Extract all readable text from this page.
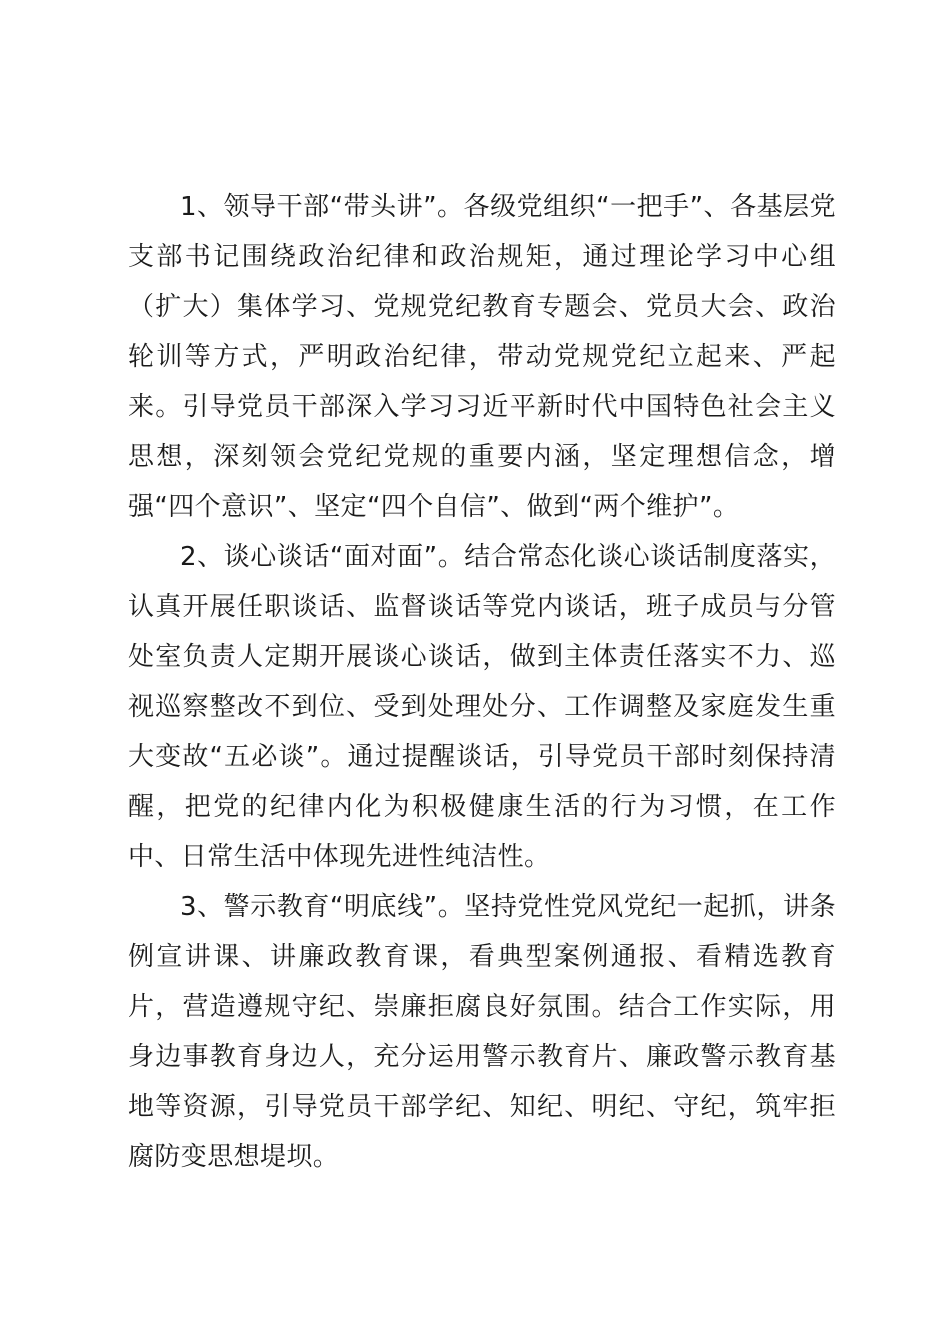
1、领导干部“带头讲”。各级党组织“一把手”、各基层党支部书记围绕政治纪律和政治规矩，通过理论学习中心组（扩大）集体学习、党规党纪教育专题会、党员大会、政治轮训等方式，严明政治纪律，带动党规党纪立起来、严起来。引导党员干部深入学习习近平新时代中国特色社会主义思想，深刻领会党纪党规的重要内涵，坚定理想信念，增强“四个意识”、坚定“四个自信”、做到“两个维护”。

2、谈心谈话“面对面”。结合常态化谈心谈话制度落实，认真开展任职谈话、监督谈话等党内谈话，班子成员与分管处室负责人定期开展谈心谈话，做到主体责任落实不力、巡视巡察整改不到位、受到处理处分、工作调整及家庭发生重大变故“五必谈”。通过提醒谈话，引导党员干部时刻保持清醒，把党的纪律内化为积极健康生活的行为习惯，在工作中、日常生活中体现先进性纯洁性。

3、警示教育“明底线”。坚持党性党风党纪一起抓，讲条例宣讲课、讲廉政教育课，看典型案例通报、看精选教育片，营造遵规守纪、崇廉拒腐良好氛围。结合工作实际，用身边事教育身边人，充分运用警示教育片、廉政警示教育基地等资源，引导党员干部学纪、知纪、明纪、守纪，筑牢拒腐防变思想堤坝。
